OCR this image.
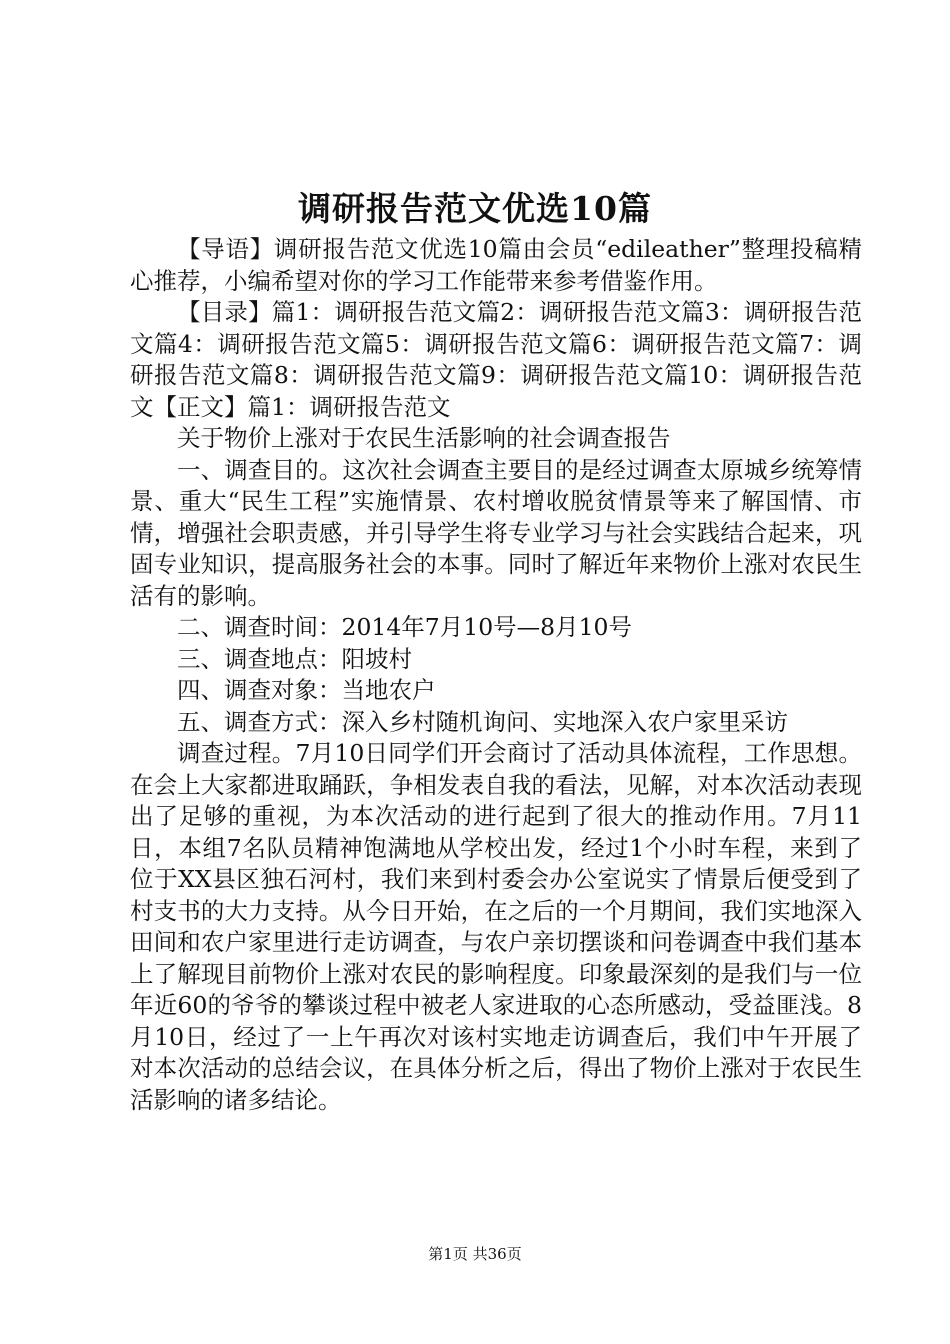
调研报告范文优选10篇

【导语】调研报告范文优选10篇由会员“edileather”整理投稿精心推荐，小编希望对你的学习工作能带来参考借鉴作用。

【目录】篇1：调研报告范文篇2：调研报告范文篇3：调研报告范文篇4：调研报告范文篇5：调研报告范文篇6：调研报告范文篇7：调研报告范文篇8：调研报告范文篇9：调研报告范文篇10：调研报告范文【正文】篇1：调研报告范文

关于物价上涨对于农民生活影响的社会调查报告

一、调查目的。这次社会调查主要目的是经过调查太原城乡统筹情景、重大“民生工程”实施情景、农村增收脱贫情景等来了解国情、市情，增强社会职责感，并引导学生将专业学习与社会实践结合起来，巩固专业知识，提高服务社会的本事。同时了解近年来物价上涨对农民生活有的影响。

二、调查时间：2014年7月10号—8月10号

三、调查地点：阳坡村

四、调查对象：当地农户

五、调查方式：深入乡村随机询问、实地深入农户家里采访

调查过程。7月10日同学们开会商讨了活动具体流程，工作思想。在会上大家都进取踊跃，争相发表自我的看法，见解，对本次活动表现出了足够的重视，为本次活动的进行起到了很大的推动作用。7月11日，本组7名队员精神饱满地从学校出发，经过1个小时车程，来到了位于XX县区独石河村，我们来到村委会办公室说实了情景后便受到了村支书的大力支持。从今日开始，在之后的一个月期间，我们实地深入田间和农户家里进行走访调查，与农户亲切摆谈和问卷调查中我们基本上了解现目前物价上涨对农民的影响程度。印象最深刻的是我们与一位年近60的爷爷的攀谈过程中被老人家进取的心态所感动，受益匪浅。8月10日，经过了一上午再次对该村实地走访调查后，我们中午开展了对本次活动的总结会议，在具体分析之后，得出了物价上涨对于农民生活影响的诸多结论。

第1页 共36页
